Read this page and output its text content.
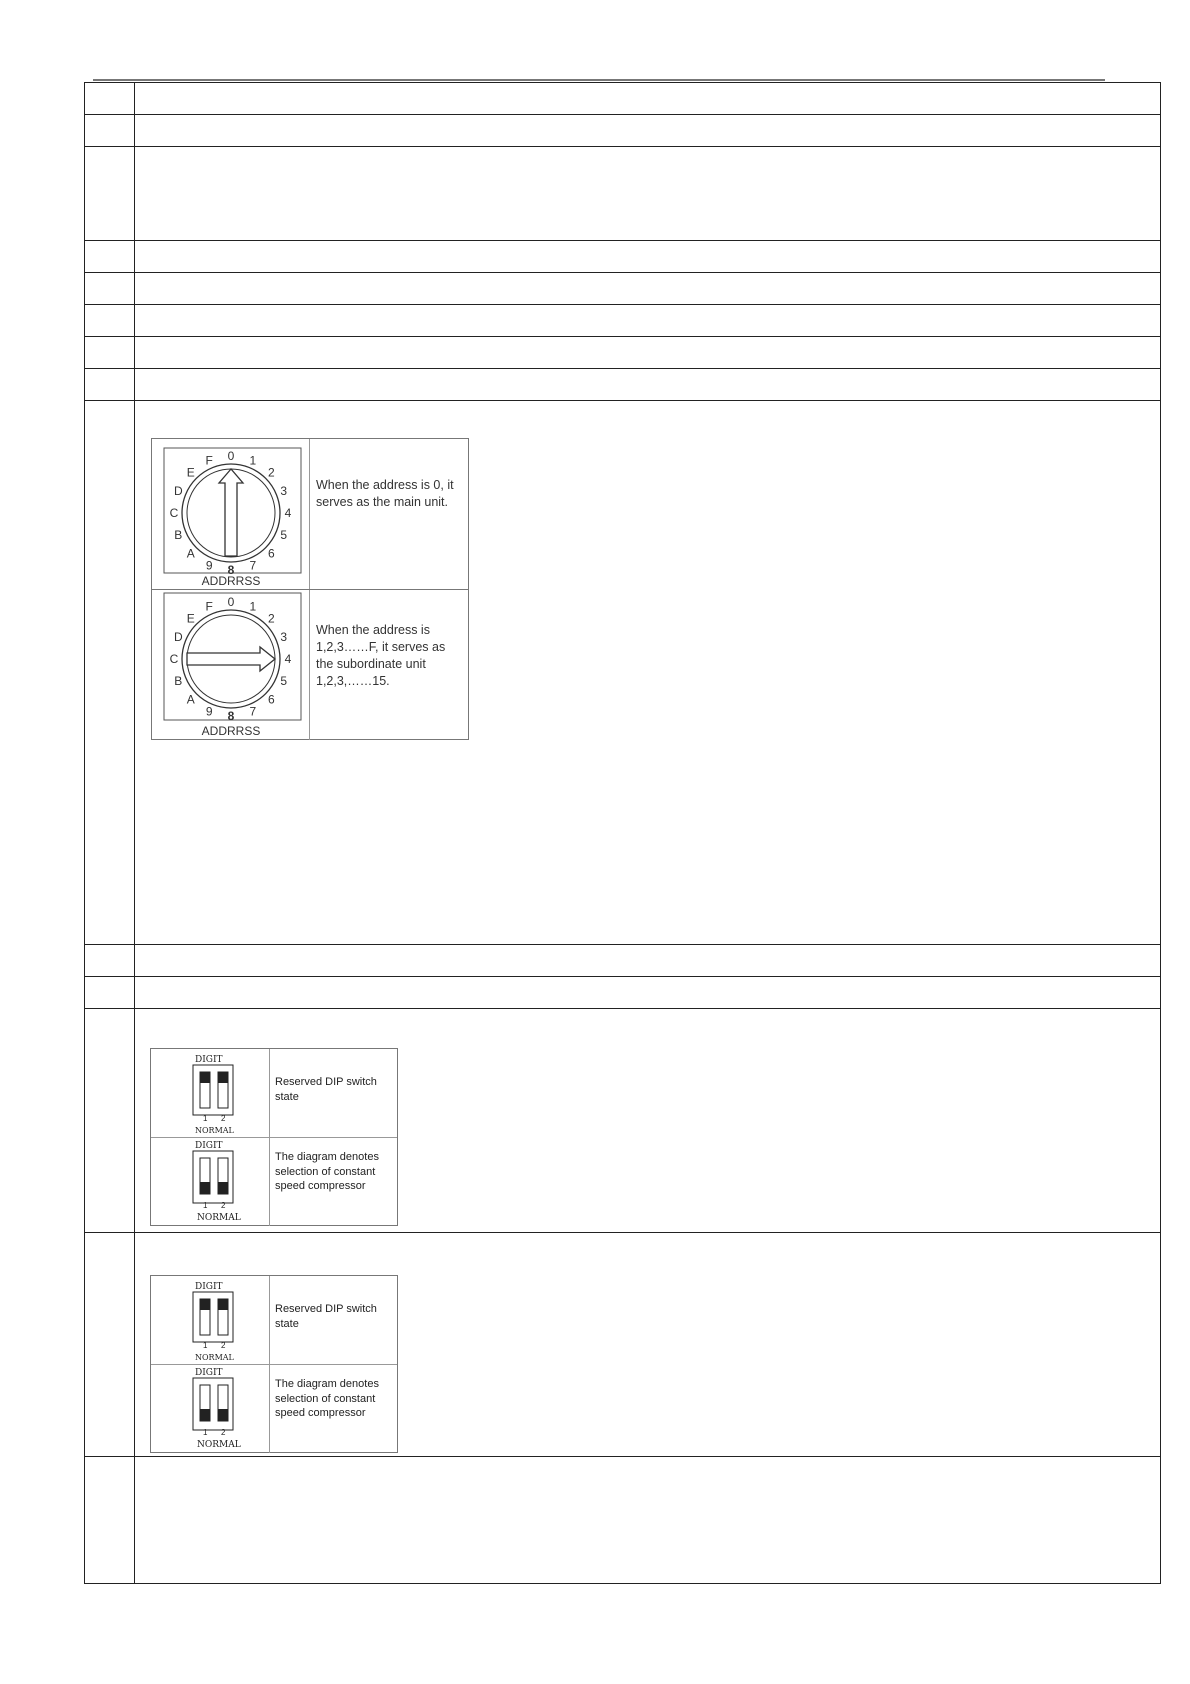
F 0 1
2
3
4
5
6
7
8
9
A
B
C
D
E
ADDRRSS
When the address is 0, it serves as the main unit.
F 0 1
2
3
4
5
6
7
8
9
A
B
C
D
E
ADDRRSS
When the address is 1,2,3……F, it serves as the subordinate unit 1,2,3,……15.
DIGIT
1 2
NORMAL
Reserved DIP switch state
DIGIT
1 2
NORMAL
The diagram denotes selection of constant speed compressor
DIGIT
1 2
NORMAL
Reserved DIP switch state
DIGIT
1 2
NORMAL
The diagram denotes selection of constant speed compressor
